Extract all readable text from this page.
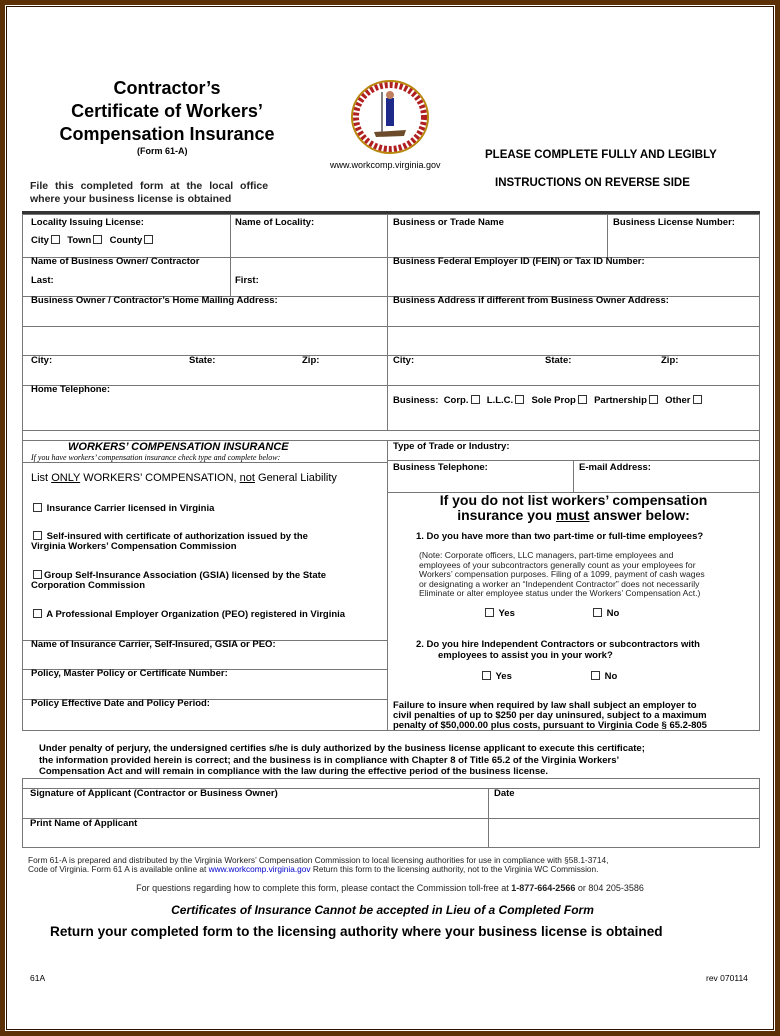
Contractor’s
Certificate of Workers’
Compensation Insurance
(Form 61-A)
www.workcomp.virginia.gov
PLEASE COMPLETE FULLY AND LEGIBLY
INSTRUCTIONS ON REVERSE SIDE
File this completed form at the local office
where your business license is obtained
Locality Issuing License:
City Town County
Name of Locality:	Business or Trade Name	Business License Number:
Name of Business Owner/ Contractor
Last:	First:
Business Federal Employer ID (FEIN) or Tax ID Number:
Business Owner / Contractor’s Home Mailing Address:	Business Address if different from Business Owner Address:
City:	State:	Zip:	City:	State:	Zip:
Home Telephone:
Business: Corp. L.L.C. Sole Prop Partnership Other
WORKERS’ COMPENSATION INSURANCE
If you have workers’ compensation insurance check type and complete below:
List ONLY WORKERS’ COMPENSATION, not General Liability
Insurance Carrier licensed in Virginia
Self-insured with certificate of authorization issued by the
Virginia Workers’ Compensation Commission
Group Self-Insurance Association (GSIA) licensed by the State
Corporation Commission
A Professional Employer Organization (PEO) registered in Virginia
Name of Insurance Carrier, Self-Insured, GSIA or PEO:
Policy, Master Policy or Certificate Number:
Policy Effective Date and Policy Period:
Type of Trade or Industry:
Business Telephone:	E-mail Address:
If you do not list workers’ compensation
insurance you must answer below:
1. Do you have more than two part-time or full-time employees?
(Note: Corporate officers, LLC managers, part-time employees and
employees of your subcontractors generally count as your employees for
Workers’ compensation purposes. Filing of a 1099, payment of cash wages
or designating a worker an “Independent Contractor” does not necessarily
Eliminate or alter employee status under the Workers’ Compensation Act.)
Yes	No
2. Do you hire Independent Contractors or subcontractors with
employees to assist you in your work?
Yes	No
Failure to insure when required by law shall subject an employer to
civil penalties of up to $250 per day uninsured, subject to a maximum
penalty of $50,000.00 plus costs, pursuant to Virginia Code § 65.2-805
Under penalty of perjury, the undersigned certifies s/he is duly authorized by the business license applicant to execute this certificate;
the information provided herein is correct; and the business is in compliance with Chapter 8 of Title 65.2 of the Virginia Workers’
Compensation Act and will remain in compliance with the law during the effective period of the business license.
Signature of Applicant (Contractor or Business Owner)	Date
Print Name of Applicant
Form 61-A is prepared and distributed by the Virginia Workers’ Compensation Commission to local licensing authorities for use in compliance with §58.1-3714,
Code of Virginia. Form 61 A is available online at www.workcomp.virginia.gov Return this form to the licensing authority, not to the Virginia WC Commission.
For questions regarding how to complete this form, please contact the Commission toll-free at 1-877-664-2566 or 804 205-3586
Certificates of Insurance Cannot be accepted in Lieu of a Completed Form
Return your completed form to the licensing authority where your business license is obtained
61A	rev 070114
